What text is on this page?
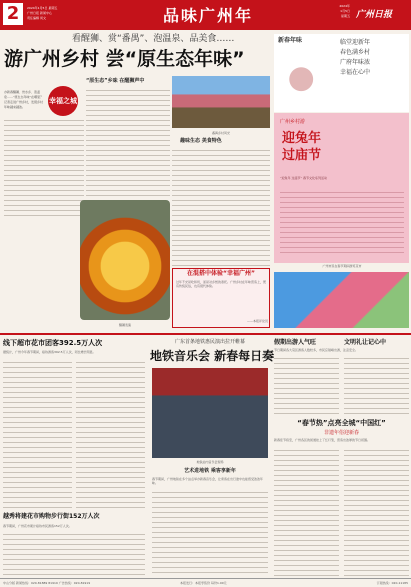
2	2024年1月5日 星期五
广州日报 新闻中心
责任编辑 何文	品味广州年	2024年
1月5日
星期五 广州日报
看醒狮、赏“番禺”、泡温泉、品美食……
游广州乡村 尝“原生态年味”
幸福之城
办新春醒狮、赏水乡、泡温泉……“原生态年味”在哪里？记者走进广州乡村，发现乡村年味越来越浓。
醒狮表演
番禺乡村风光
“原生态”乡味 在醒狮声中
趣味生态 美食特色
在混搭中体验“幸福广州”
过年不光是吃和玩，而是对乡愁的寄托。广州乡村在年味营造上，既有传统民俗，也有现代体验。
——本报评论员
新春年味	临堂迎新年
春色满乡村
广府年味浓
幸福在心中
广州乡村游
迎兔年
过庙节
“迎兔年 过庙节” 春节文化系列活动
广州市民在春节期间游览花市
线下超市花市团客392.5万人次
据统计，广州今年春节期间，接待游客392.5万人次，同比增长明显。
越秀将建花市购物步行街152万人次
春节期间，广州花市累计接待市民游客152万人次。
广东首条地铁惠民演出拉开帷幕
地铁音乐会 新春每日奏
地铁站内音乐会现场
艺术进地铁 乘客享新年
春节期间，广州地铁在多个站点举办新春音乐会，让乘客在出行途中也能感受浓浓年味。
假期出游人气旺	文明礼让记心中
节日期间各大景区游客人数较多，市民应错峰出游，注意安全。
“春节热”点亮全城“中国红”
非遗年俗迎新春
新春佳节将至，广州各区的街道挂上了红灯笼，营造出浓厚的节日氛围。
中山分版 新闻热线：020-81889 81919 广告热线：020-81919	本报发行：本报零售价 每份1.00元	订阅热线：020-11185
